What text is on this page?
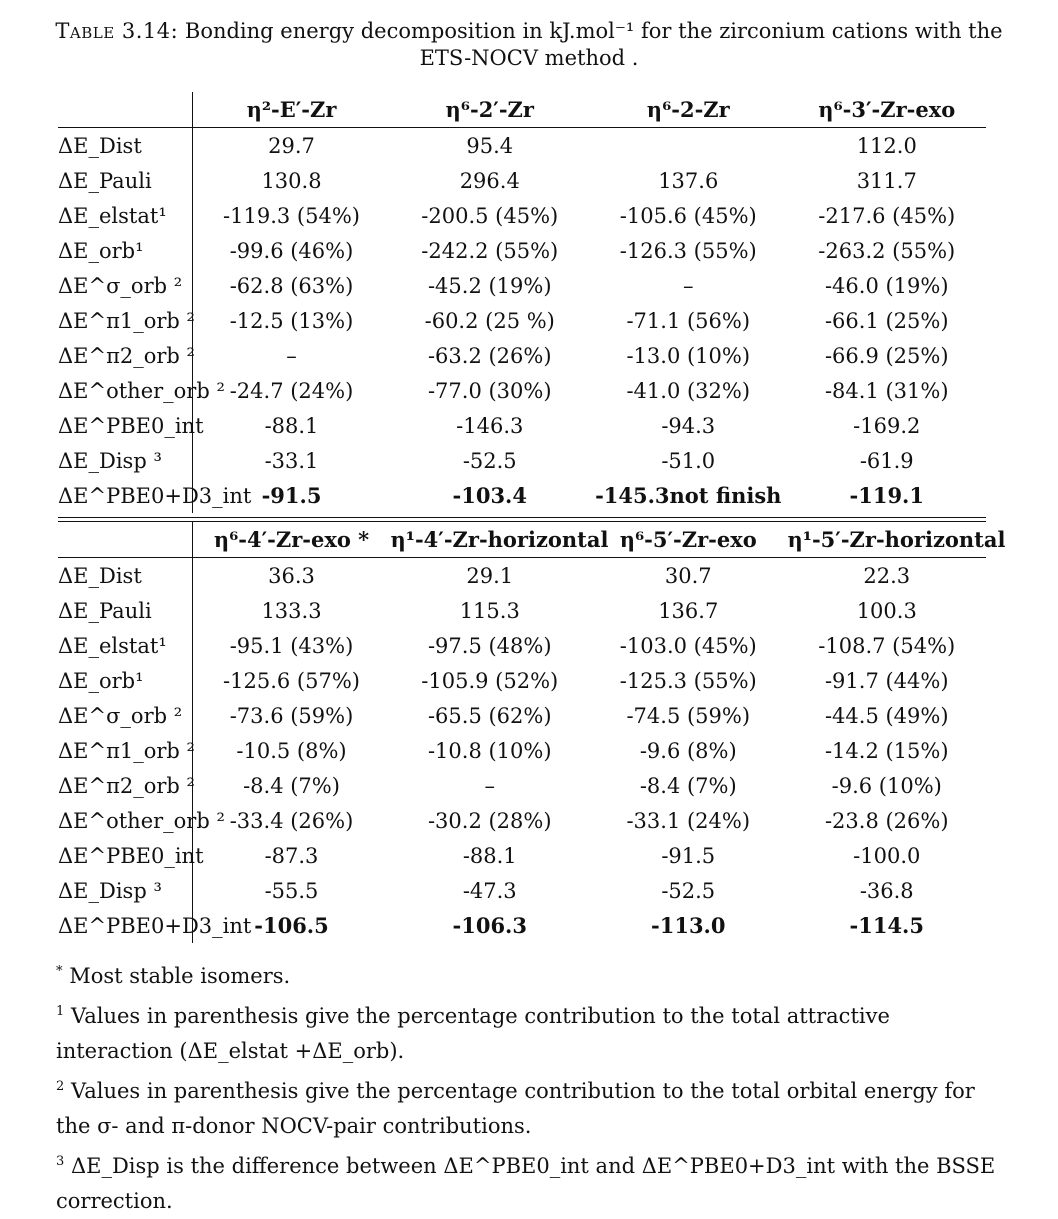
Table 3.14: Bonding energy decomposition in kJ.mol⁻¹ for the zirconium cations with the ETS-NOCV method .
	η²-E′-Zr	η⁶-2′-Zr	η⁶-2-Zr	η⁶-3′-Zr-exo
ΔE_Dist	29.7	95.4		112.0
ΔE_Pauli	130.8	296.4	137.6	311.7
ΔE_elstat¹	-119.3 (54%)	-200.5 (45%)	-105.6 (45%)	-217.6 (45%)
ΔE_orb¹	-99.6 (46%)	-242.2 (55%)	-126.3 (55%)	-263.2 (55%)
ΔE^σ_orb ²	-62.8 (63%)	-45.2 (19%)	–	-46.0 (19%)
ΔE^π1_orb ²	-12.5 (13%)	-60.2 (25 %)	-71.1 (56%)	-66.1 (25%)
ΔE^π2_orb ²	–	-63.2 (26%)	-13.0 (10%)	-66.9 (25%)
ΔE^other_orb ²	-24.7 (24%)	-77.0 (30%)	-41.0 (32%)	-84.1 (31%)
ΔE^PBE0_int	-88.1	-146.3	-94.3	-169.2
ΔE_Disp ³	-33.1	-52.5	-51.0	-61.9
ΔE^PBE0+D3_int	-91.5	-103.4	-145.3not finish	-119.1
	η⁶-4′-Zr-exo *	η¹-4′-Zr-horizontal	η⁶-5′-Zr-exo	η¹-5′-Zr-horizontal
ΔE_Dist	36.3	29.1	30.7	22.3
ΔE_Pauli	133.3	115.3	136.7	100.3
ΔE_elstat¹	-95.1 (43%)	-97.5 (48%)	-103.0 (45%)	-108.7 (54%)
ΔE_orb¹	-125.6 (57%)	-105.9 (52%)	-125.3 (55%)	-91.7 (44%)
ΔE^σ_orb ²	-73.6 (59%)	-65.5 (62%)	-74.5 (59%)	-44.5 (49%)
ΔE^π1_orb ²	-10.5 (8%)	-10.8 (10%)	-9.6 (8%)	-14.2 (15%)
ΔE^π2_orb ²	-8.4 (7%)	–	-8.4 (7%)	-9.6 (10%)
ΔE^other_orb ²	-33.4 (26%)	-30.2 (28%)	-33.1 (24%)	-23.8 (26%)
ΔE^PBE0_int	-87.3	-88.1	-91.5	-100.0
ΔE_Disp ³	-55.5	-47.3	-52.5	-36.8
ΔE^PBE0+D3_int	-106.5	-106.3	-113.0	-114.5

* Most stable isomers.

$^1$ Values in parenthesis give the percentage contribution to the total attractive interaction (ΔE_elstat +ΔE_orb).

$^2$ Values in parenthesis give the percentage contribution to the total orbital energy for the σ- and π-donor NOCV-pair contributions.

$^3$ ΔE_Disp is the difference between ΔE^PBE0_int and ΔE^PBE0+D3_int with the BSSE correction.
